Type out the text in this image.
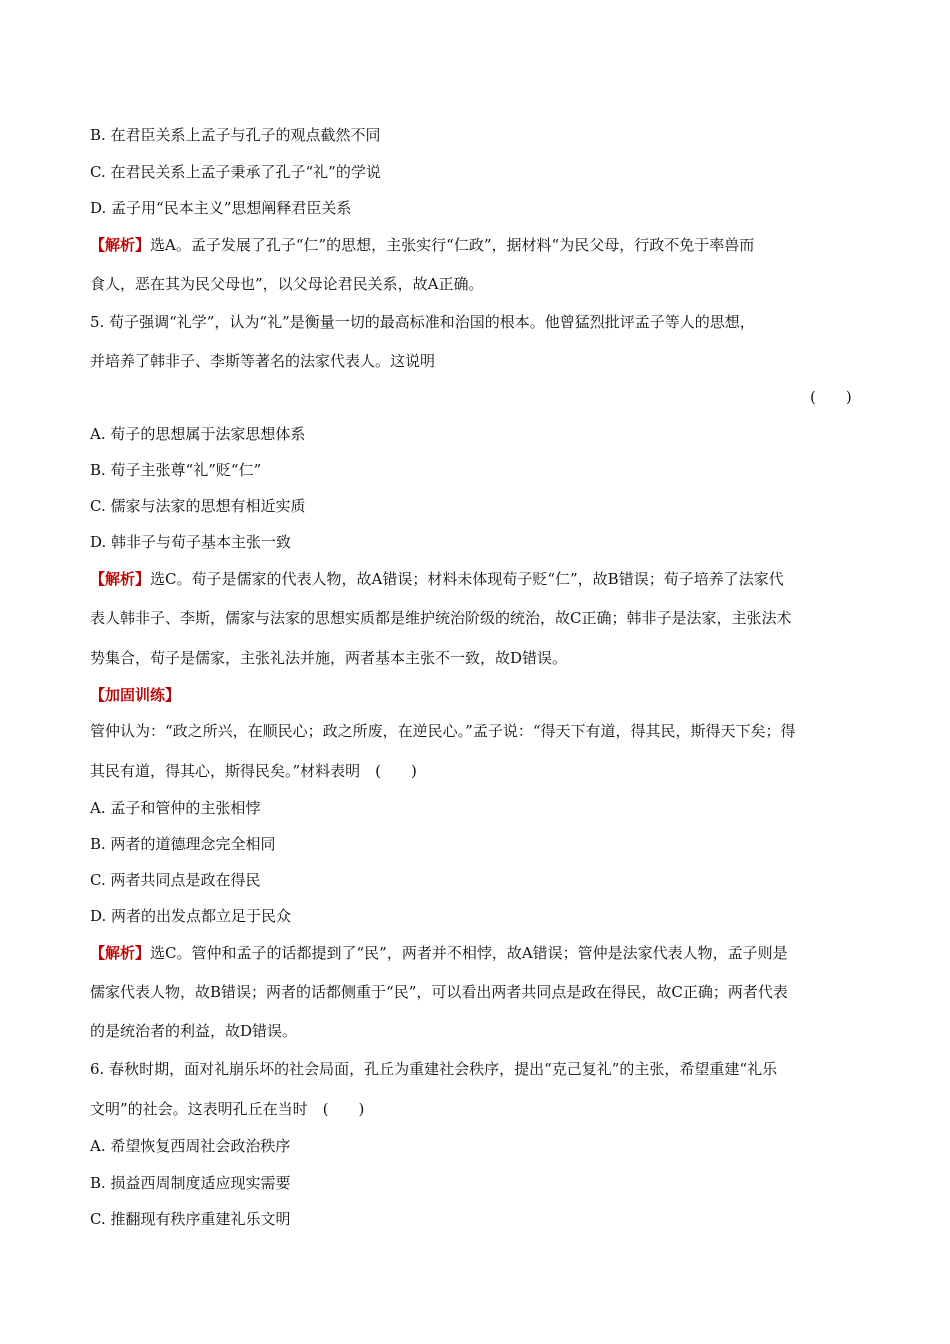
B. 在君臣关系上孟子与孔子的观点截然不同
C. 在君民关系上孟子秉承了孔子“礼”的学说
D. 孟子用“民本主义”思想阐释君臣关系
【解析】选A。孟子发展了孔子“仁”的思想，主张实行“仁政”，据材料“为民父母，行政不免于率兽而
食人，恶在其为民父母也”，以父母论君民关系，故A正确。
5. 荀子强调“礼学”，认为“礼”是衡量一切的最高标准和治国的根本。他曾猛烈批评孟子等人的思想，
并培养了韩非子、李斯等著名的法家代表人。这说明
(　　)
A. 荀子的思想属于法家思想体系
B. 荀子主张尊“礼”贬“仁”
C. 儒家与法家的思想有相近实质
D. 韩非子与荀子基本主张一致
【解析】选C。荀子是儒家的代表人物，故A错误；材料未体现荀子贬“仁”，故B错误；荀子培养了法家代
表人韩非子、李斯，儒家与法家的思想实质都是维护统治阶级的统治，故C正确；韩非子是法家，主张法术
势集合，荀子是儒家，主张礼法并施，两者基本主张不一致，故D错误。
【加固训练】
管仲认为：“政之所兴，在顺民心；政之所废，在逆民心。”孟子说：“得天下有道，得其民，斯得天下矣；得
其民有道，得其心，斯得民矣。”材料表明　(　　)
A. 孟子和管仲的主张相悖
B. 两者的道德理念完全相同
C. 两者共同点是政在得民
D. 两者的出发点都立足于民众
【解析】选C。管仲和孟子的话都提到了“民”，两者并不相悖，故A错误；管仲是法家代表人物，孟子则是
儒家代表人物，故B错误；两者的话都侧重于“民”，可以看出两者共同点是政在得民，故C正确；两者代表
的是统治者的利益，故D错误。
6. 春秋时期，面对礼崩乐坏的社会局面，孔丘为重建社会秩序，提出“克己复礼”的主张，希望重建“礼乐
文明”的社会。这表明孔丘在当时　(　　)
A. 希望恢复西周社会政治秩序
B. 损益西周制度适应现实需要
C. 推翻现有秩序重建礼乐文明
